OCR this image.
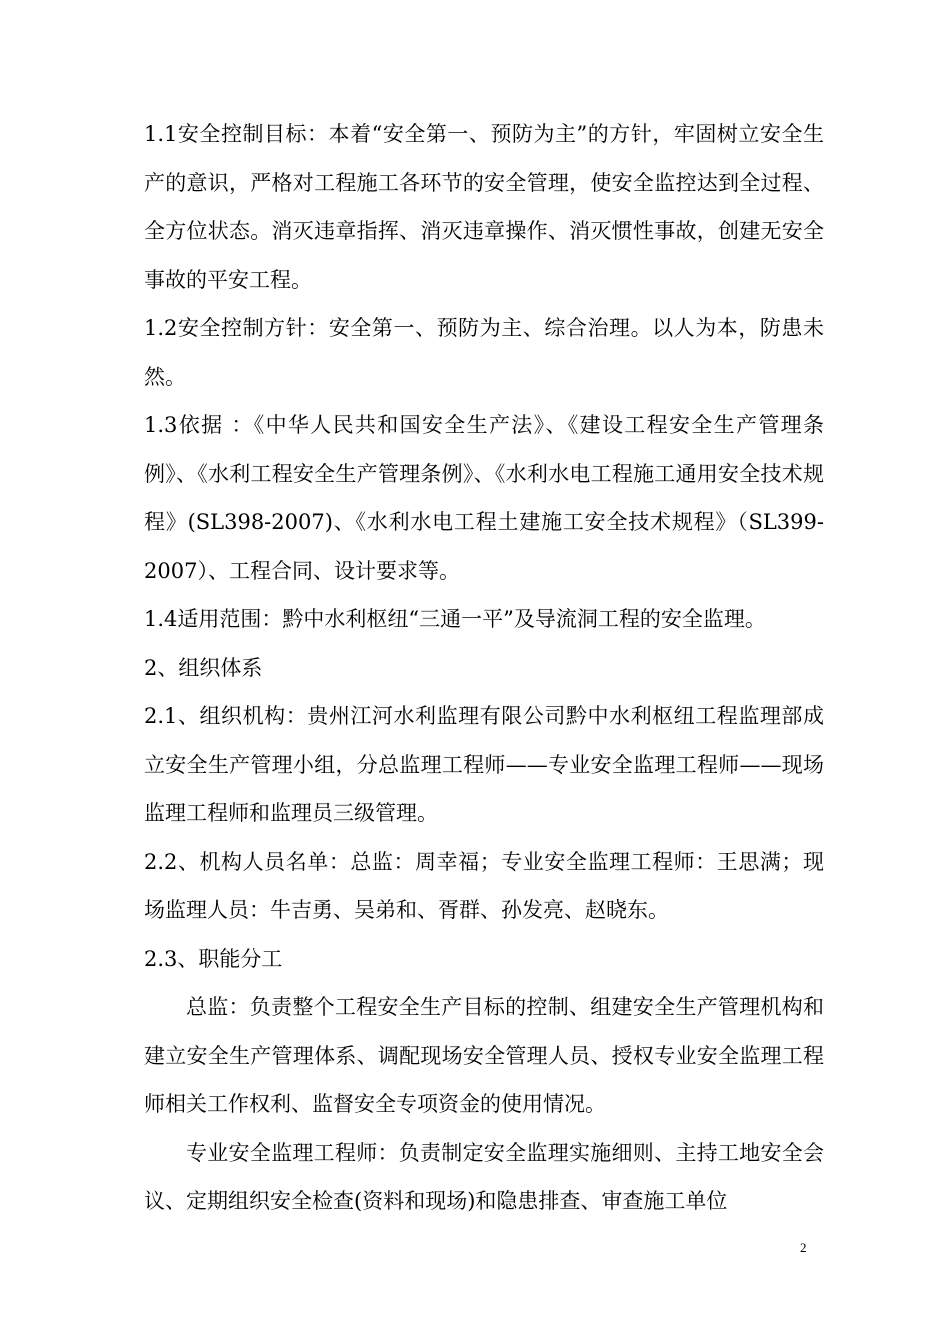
1.1安全控制目标：本着“安全第一、预防为主”的方针，牢固树立安全生产的意识，严格对工程施工各环节的安全管理，使安全监控达到全过程、全方位状态。消灭违章指挥、消灭违章操作、消灭惯性事故，创建无安全事故的平安工程。

1.2安全控制方针：安全第一、预防为主、综合治理。以人为本，防患未然。

1.3依据 ：《中华人民共和国安全生产法》、《建设工程安全生产管理条例》、《水利工程安全生产管理条例》、《水利水电工程施工通用安全技术规程》(SL398-2007)、《水利水电工程土建施工安全技术规程》（SL399-2007）、工程合同、设计要求等。

1.4适用范围：黔中水利枢纽“三通一平”及导流洞工程的安全监理。

2、组织体系

2.1、组织机构：贵州江河水利监理有限公司黔中水利枢纽工程监理部成立安全生产管理小组，分总监理工程师——专业安全监理工程师——现场监理工程师和监理员三级管理。

2.2、机构人员名单：总监：周幸福；专业安全监理工程师：王思满；现场监理人员：牛吉勇、吴弟和、胥群、孙发亮、赵晓东。

2.3、职能分工

总监：负责整个工程安全生产目标的控制、组建安全生产管理机构和建立安全生产管理体系、调配现场安全管理人员、授权专业安全监理工程师相关工作权利、监督安全专项资金的使用情况。

专业安全监理工程师：负责制定安全监理实施细则、主持工地安全会议、定期组织安全检查(资料和现场)和隐患排查、审查施工单位

2
